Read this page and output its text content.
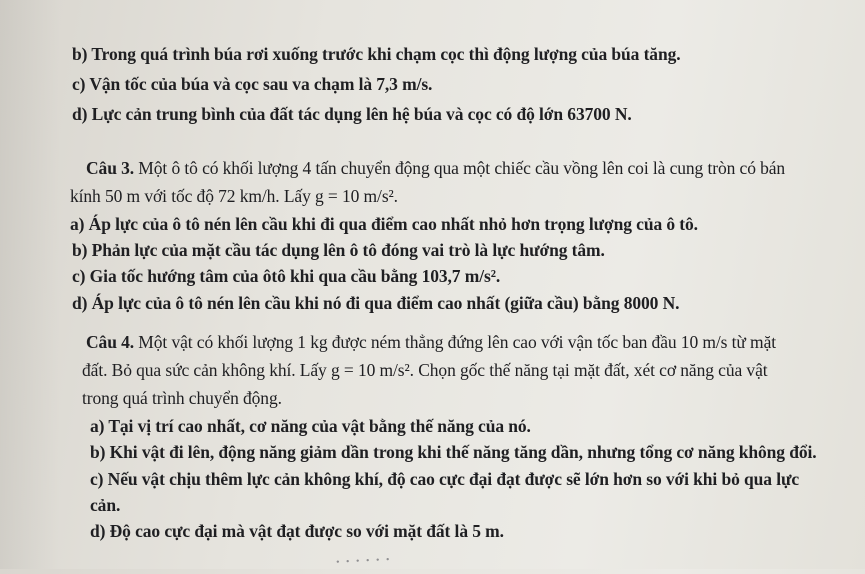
b) Trong quá trình búa rơi xuống trước khi chạm cọc thì động lượng của búa tăng.
c) Vận tốc của búa và cọc sau va chạm là 7,3 m/s.
d) Lực cản trung bình của đất tác dụng lên hệ búa và cọc có độ lớn 63700 N.
Câu 3. Một ô tô có khối lượng 4 tấn chuyển động qua một chiếc cầu vồng lên coi là cung tròn có bán
kính 50 m với tốc độ 72 km/h. Lấy g = 10 m/s².
a) Áp lực của ô tô nén lên cầu khi đi qua điểm cao nhất nhỏ hơn trọng lượng của ô tô.
b) Phản lực của mặt cầu tác dụng lên ô tô đóng vai trò là lực hướng tâm.
c) Gia tốc hướng tâm của ôtô khi qua cầu bằng 103,7 m/s².
d) Áp lực của ô tô nén lên cầu khi nó đi qua điểm cao nhất (giữa cầu) bằng 8000 N.
Câu 4. Một vật có khối lượng 1 kg được ném thẳng đứng lên cao với vận tốc ban đầu 10 m/s từ mặt
đất. Bỏ qua sức cản không khí. Lấy g = 10 m/s². Chọn gốc thế năng tại mặt đất, xét cơ năng của vật
trong quá trình chuyển động.
a) Tại vị trí cao nhất, cơ năng của vật bằng thế năng của nó.
b) Khi vật đi lên, động năng giảm dần trong khi thế năng tăng dần, nhưng tổng cơ năng không đổi.
c) Nếu vật chịu thêm lực cản không khí, độ cao cực đại đạt được sẽ lớn hơn so với khi bỏ qua lực
cản.
d) Độ cao cực đại mà vật đạt được so với mặt đất là 5 m.
· · · · · ·
